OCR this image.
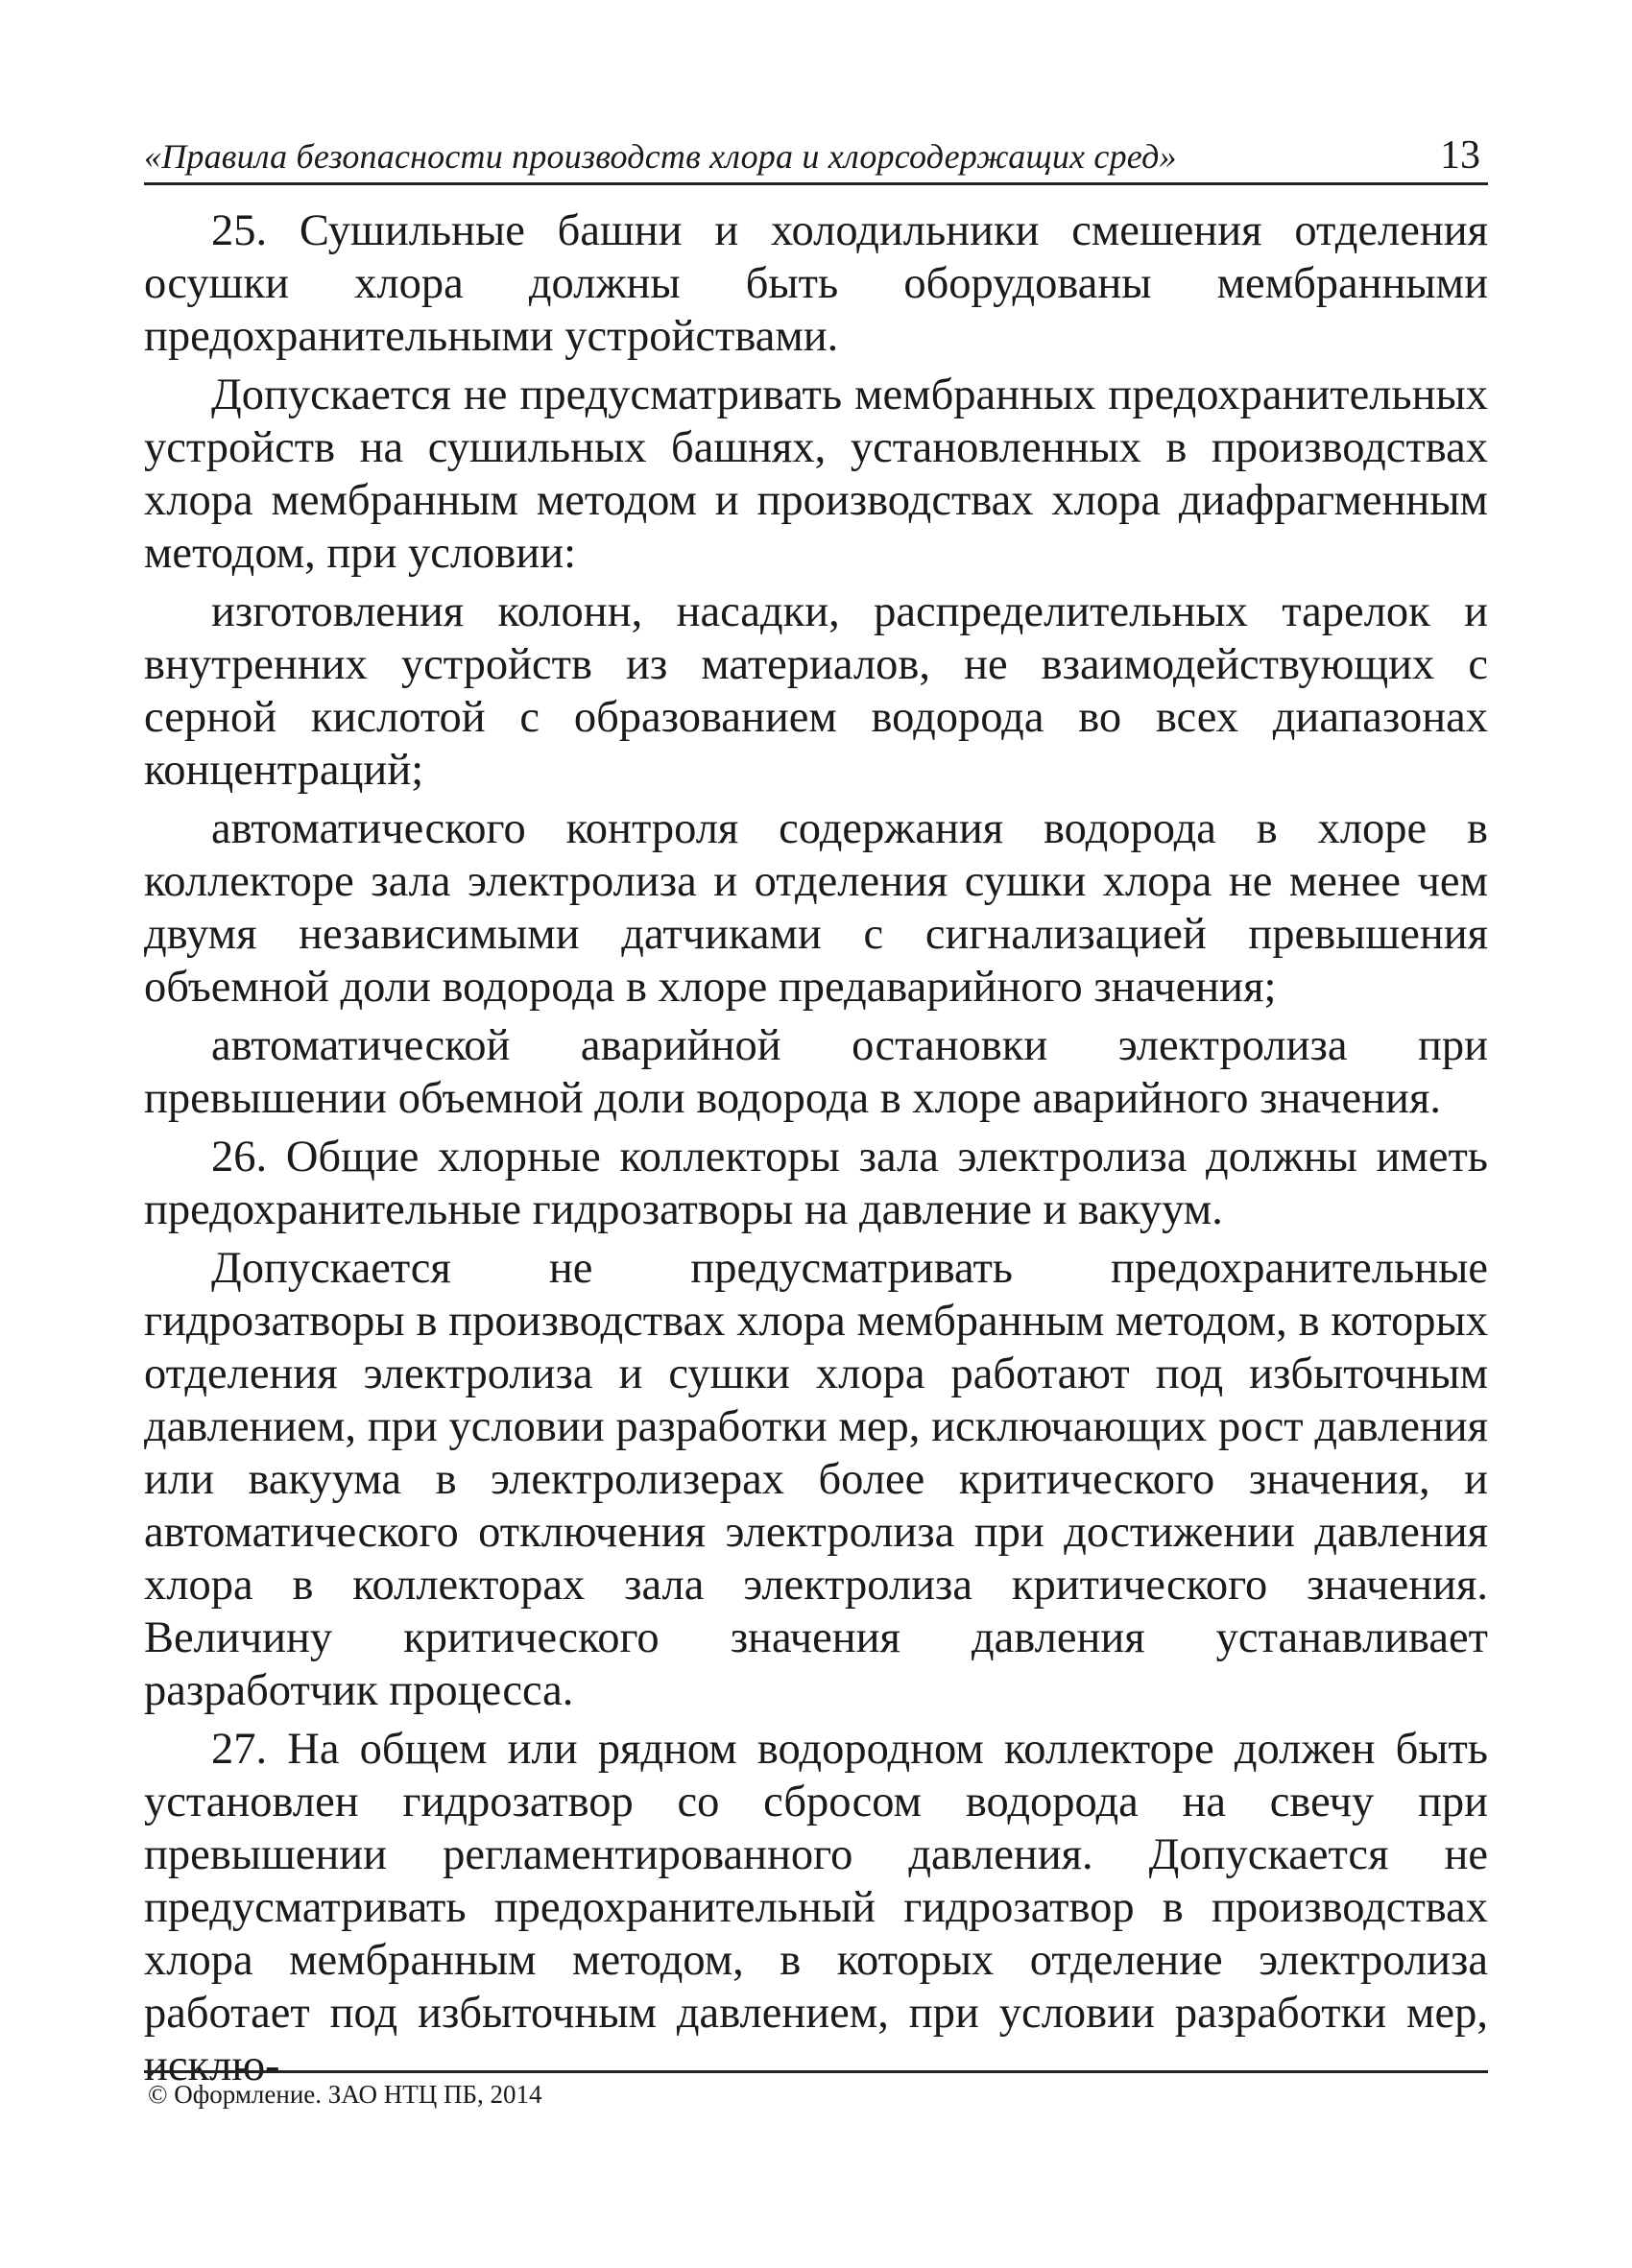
«Правила безопасности производств хлора и хлорсодержащих сред»	13

25. Сушильные башни и холодильники смешения отделения осушки хлора должны быть оборудованы мембранными предохранительными устройствами.

Допускается не предусматривать мембранных предохранительных устройств на сушильных башнях, установленных в производствах хлора мембранным методом и производствах хлора диафрагменным методом, при условии:

изготовления колонн, насадки, распределительных тарелок и внутренних устройств из материалов, не взаимодействующих с серной кислотой с образованием водорода во всех диапазонах концентраций;

автоматического контроля содержания водорода в хлоре в коллекторе зала электролиза и отделения сушки хлора не менее чем двумя независимыми датчиками с сигнализацией превышения объемной доли водорода в хлоре предаварийного значения;

автоматической аварийной остановки электролиза при превышении объемной доли водорода в хлоре аварийного значения.

26. Общие хлорные коллекторы зала электролиза должны иметь предохранительные гидрозатворы на давление и вакуум.

Допускается не предусматривать предохранительные гидрозатворы в производствах хлора мембранным методом, в которых отделения электролиза и сушки хлора работают под избыточным давлением, при условии разработки мер, исключающих рост давления или вакуума в электролизерах более критического значения, и автоматического отключения электролиза при достижении давления хлора в коллекторах зала электролиза критического значения. Величину критического значения давления устанавливает разработчик процесса.

27. На общем или рядном водородном коллекторе должен быть установлен гидрозатвор со сбросом водорода на свечу при превышении регламентированного давления. Допускается не предусматривать предохранительный гидрозатвор в производствах хлора мембранным методом, в которых отделение электролиза работает под избыточным давлением, при условии разработки мер, исклю-

© Оформление. ЗАО НТЦ ПБ, 2014
